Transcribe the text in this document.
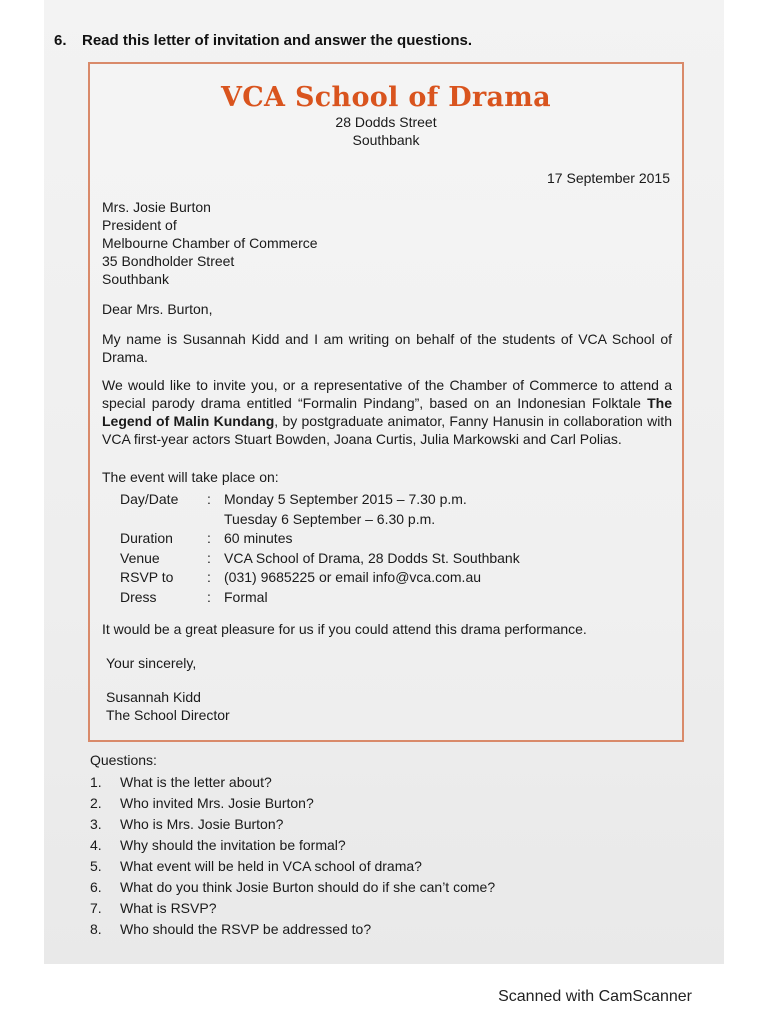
6. Read this letter of invitation and answer the questions.
VCA School of Drama
28 Dodds Street
Southbank
17 September 2015
Mrs. Josie Burton
President of
Melbourne Chamber of Commerce
35 Bondholder Street
Southbank
Dear Mrs. Burton,
My name is Susannah Kidd and I am writing on behalf of the students of VCA School of Drama.
We would like to invite you, or a representative of the Chamber of Commerce to attend a special parody drama entitled “Formalin Pindang”, based on an Indonesian Folktale The Legend of Malin Kundang, by postgraduate animator, Fanny Hanusin in collaboration with VCA first-year actors Stuart Bowden, Joana Curtis, Julia Markowski and Carl Polias.
The event will take place on:
Day/Date	: Monday 5 September 2015 – 7.30 p.m.
Tuesday 6 September – 6.30 p.m.
Duration	: 60 minutes
Venue	: VCA School of Drama, 28 Dodds St. Southbank
RSVP to	: (031) 9685225 or email info@vca.com.au
Dress	: Formal
It would be a great pleasure for us if you could attend this drama performance.
Your sincerely,
Susannah Kidd
The School Director
Questions:
1.	What is the letter about?
2.	Who invited Mrs. Josie Burton?
3.	Who is Mrs. Josie Burton?
4.	Why should the invitation be formal?
5.	What event will be held in VCA school of drama?
6.	What do you think Josie Burton should do if she can’t come?
7.	What is RSVP?
8.	Who should the RSVP be addressed to?
Scanned with CamScanner
